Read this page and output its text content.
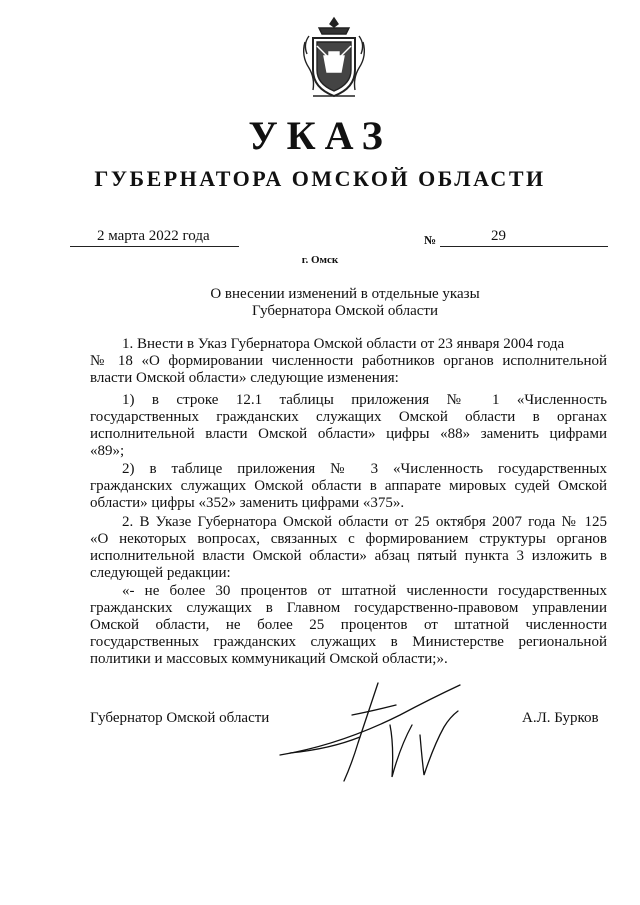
УКАЗ
ГУБЕРНАТОРА ОМСКОЙ ОБЛАСТИ
2 марта 2022 года	№	29
г. Омск
О внесении изменений в отдельные указы
Губернатора Омской области
1. Внести в Указ Губернатора Омской области от 23 января 2004 года
№ 18 «О формировании численности работников органов исполнительной
власти Омской области» следующие изменения:
1) в строке 12.1 таблицы приложения № 1 «Численность
государственных гражданских служащих Омской области в органах
исполнительной власти Омской области» цифры «88» заменить цифрами
«89»;
2) в таблице приложения № 3 «Численность государственных
гражданских служащих Омской области в аппарате мировых судей Омской
области» цифры «352» заменить цифрами «375».
2. В Указе Губернатора Омской области от 25 октября 2007 года № 125
«О некоторых вопросах, связанных с формированием структуры органов
исполнительной власти Омской области» абзац пятый пункта 3 изложить в
следующей редакции:
«- не более 30 процентов от штатной численности государственных
гражданских служащих в Главном государственно-правовом управлении
Омской области, не более 25 процентов от штатной численности
государственных гражданских служащих в Министерстве региональной
политики и массовых коммуникаций Омской области;».
Губернатор Омской области	А.Л. Бурков
